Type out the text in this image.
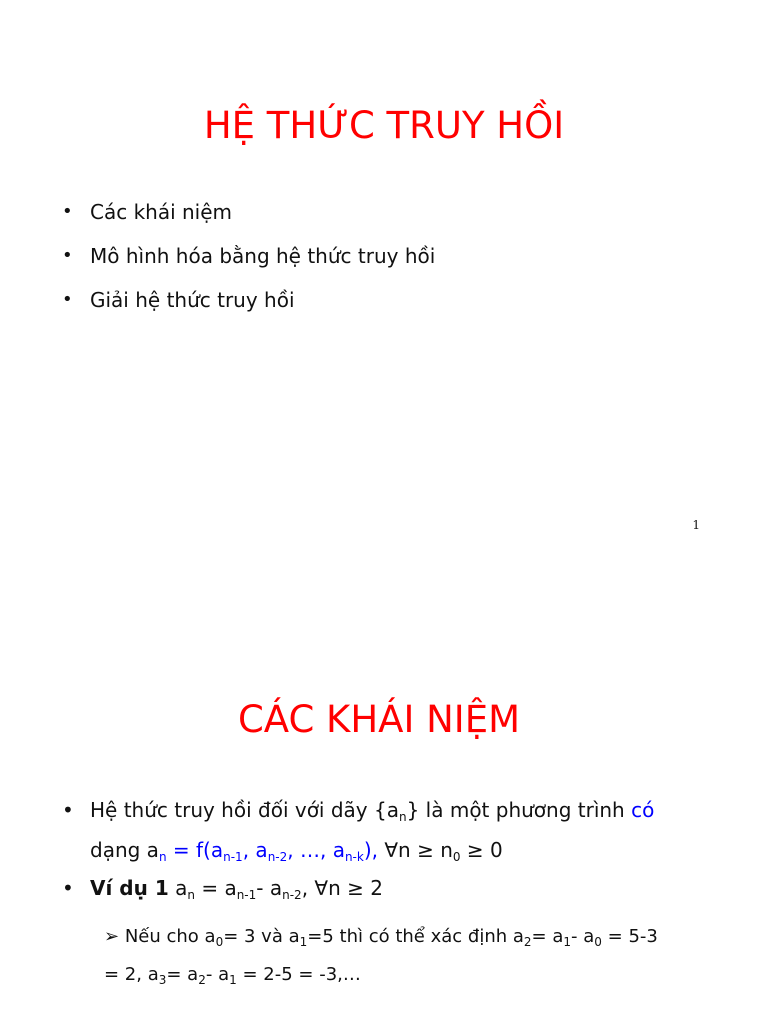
HỆ THỨC TRUY HỒI
• Các khái niệm
• Mô hình hóa bằng hệ thức truy hồi
• Giải hệ thức truy hồi
1
CÁC KHÁI NIỆM
• Hệ thức truy hồi đối với dãy $\{a_n\}$ là một phương trình có
dạng $a_n = f(a_{n-1}$, $a_{n-2}$, …, $a_{n-k}$), ∀n ≥ $n_0 \ge 0$
• Ví dụ 1 $a_n = a_{n-1}-$ $a_{n-2}$, ∀n ≥ 2
➢ Nếu cho $a_0= 3$ và $a_1=5$ thì có thể xác định $a_2= a_1-$ $a_0 = 5-3$
= 2, $a_3= a_2-$ $a_1 = 2-5$ = -3,…
